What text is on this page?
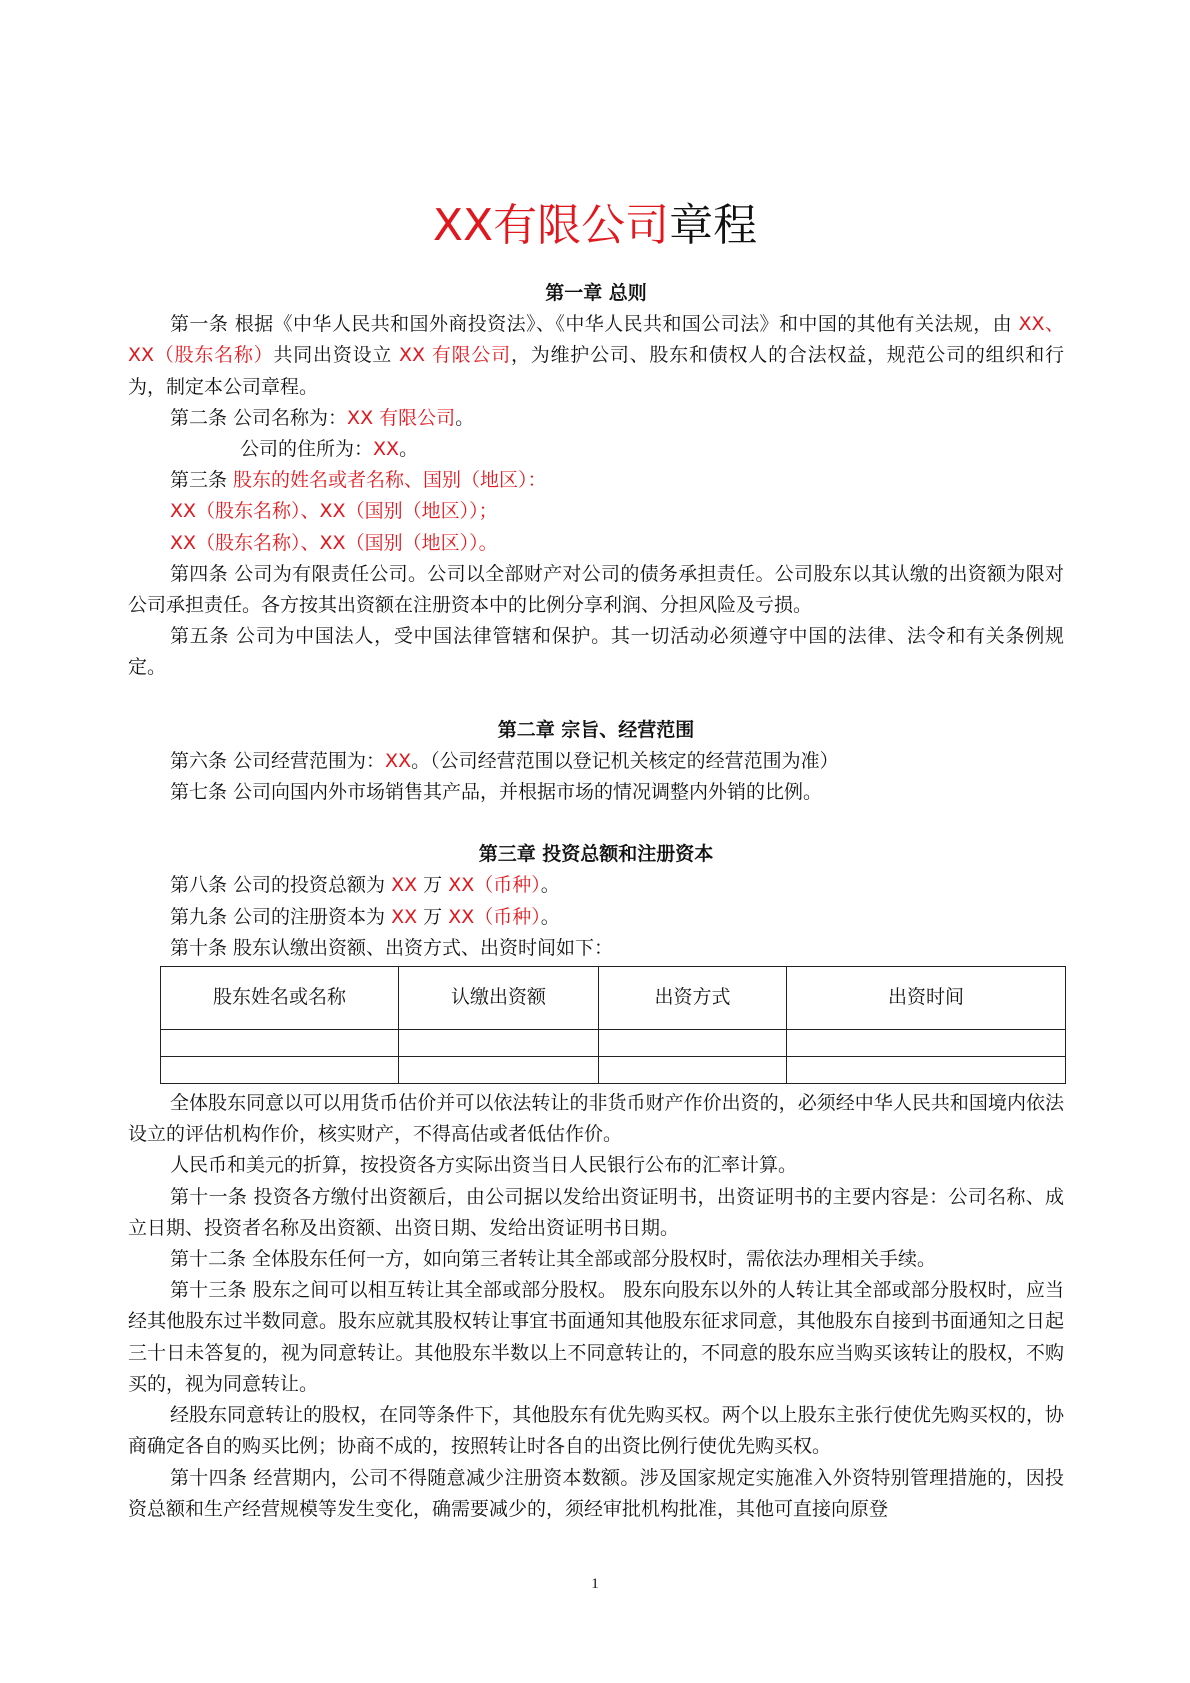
XX有限公司章程

第一章 总则

第一条 根据《中华人民共和国外商投资法》、《中华人民共和国公司法》和中国的其他有关法规，由 XX、XX（股东名称）共同出资设立 XX 有限公司，为维护公司、股东和债权人的合法权益，规范公司的组织和行为，制定本公司章程。

第二条 公司名称为：XX 有限公司。

公司的住所为：XX。

第三条 股东的姓名或者名称、国别（地区）：

XX（股东名称）、XX（国别（地区））；

XX（股东名称）、XX（国别（地区））。

第四条 公司为有限责任公司。公司以全部财产对公司的债务承担责任。公司股东以其认缴的出资额为限对公司承担责任。各方按其出资额在注册资本中的比例分享利润、分担风险及亏损。

第五条 公司为中国法人，受中国法律管辖和保护。其一切活动必须遵守中国的法律、法令和有关条例规定。

第二章 宗旨、经营范围

第六条 公司经营范围为：XX。（公司经营范围以登记机关核定的经营范围为准）

第七条 公司向国内外市场销售其产品，并根据市场的情况调整内外销的比例。

第三章 投资总额和注册资本

第八条 公司的投资总额为 XX 万 XX（币种）。

第九条 公司的注册资本为 XX 万 XX（币种）。

第十条 股东认缴出资额、出资方式、出资时间如下：

股东姓名或名称	认缴出资额	出资方式	出资时间

全体股东同意以可以用货币估价并可以依法转让的非货币财产作价出资的，必须经中华人民共和国境内依法设立的评估机构作价，核实财产，不得高估或者低估作价。

人民币和美元的折算，按投资各方实际出资当日人民银行公布的汇率计算。

第十一条 投资各方缴付出资额后，由公司据以发给出资证明书，出资证明书的主要内容是：公司名称、成立日期、投资者名称及出资额、出资日期、发给出资证明书日期。

第十二条 全体股东任何一方，如向第三者转让其全部或部分股权时，需依法办理相关手续。

第十三条 股东之间可以相互转让其全部或部分股权。 股东向股东以外的人转让其全部或部分股权时，应当经其他股东过半数同意。股东应就其股权转让事宜书面通知其他股东征求同意，其他股东自接到书面通知之日起三十日未答复的，视为同意转让。其他股东半数以上不同意转让的，不同意的股东应当购买该转让的股权，不购买的，视为同意转让。

经股东同意转让的股权，在同等条件下，其他股东有优先购买权。两个以上股东主张行使优先购买权的，协商确定各自的购买比例；协商不成的，按照转让时各自的出资比例行使优先购买权。

第十四条 经营期内，公司不得随意减少注册资本数额。涉及国家规定实施准入外资特别管理措施的，因投资总额和生产经营规模等发生变化，确需要减少的，须经审批机构批准，其他可直接向原登

1
